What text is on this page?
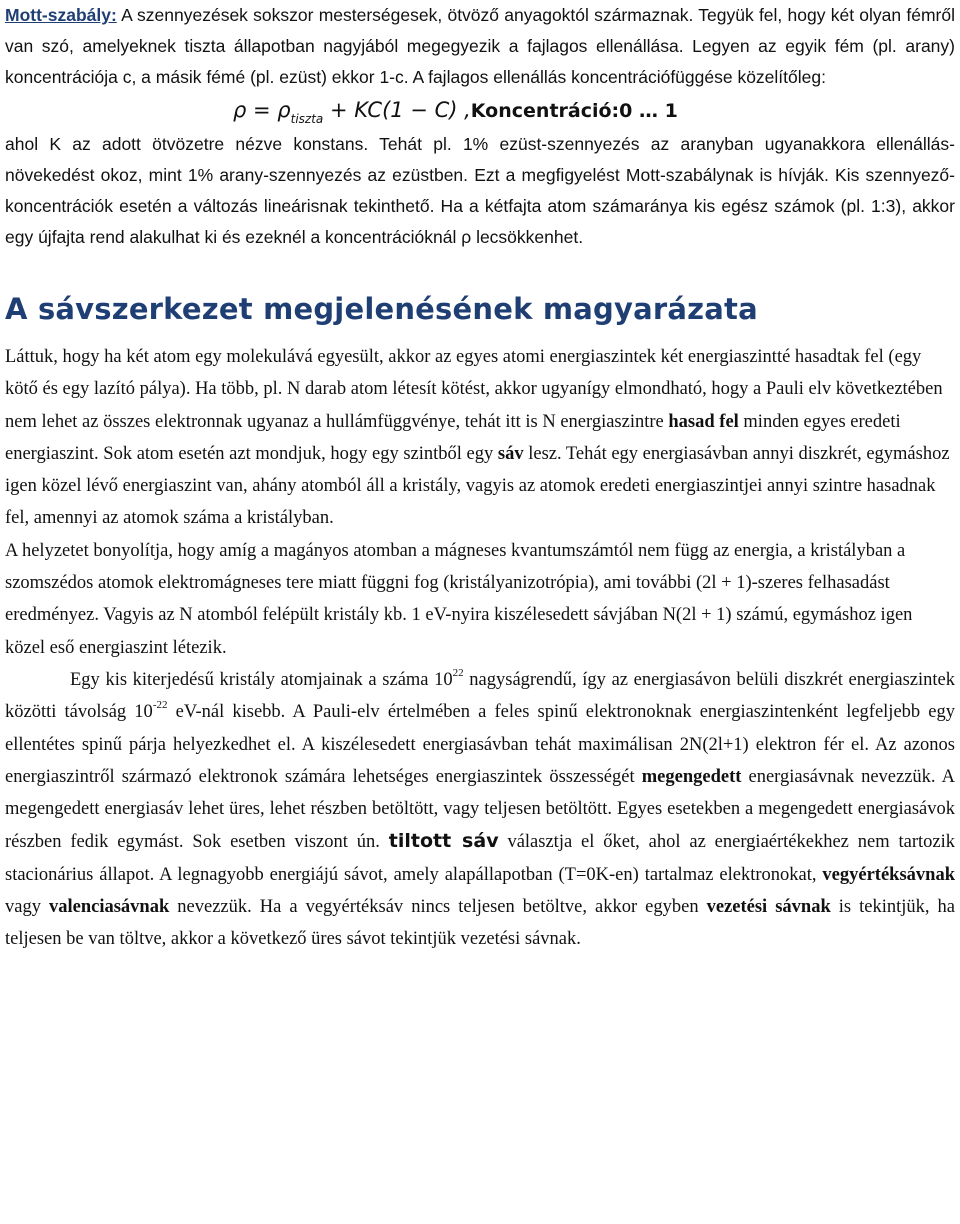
Mott-szabály: A szennyezések sokszor mesterségesek, ötvöző anyagoktól származnak. Tegyük fel, hogy két olyan fémről van szó, amelyeknek tiszta állapotban nagyjából megegyezik a fajlagos ellenállása. Legyen az egyik fém (pl. arany) koncentrációja c, a másik fémé (pl. ezüst) ekkor 1-c. A fajlagos ellenállás koncentrációfüggése közelítőleg:

$\rho = \rho_{tiszta} + KC(1 - C)$ ,Koncentráció:0 … 1

ahol K az adott ötvözetre nézve konstans. Tehát pl. 1% ezüst-szennyezés az aranyban ugyanakkora ellenállás-növekedést okoz, mint 1% arany-szennyezés az ezüstben. Ezt a megfigyelést Mott-szabálynak is hívják. Kis szennyező-koncentrációk esetén a változás lineárisnak tekinthető. Ha a kétfajta atom számaránya kis egész számok (pl. 1:3), akkor egy újfajta rend alakulhat ki és ezeknél a koncentrációknál ρ lecsökkenhet.

A sávszerkezet megjelenésének magyarázata

Láttuk, hogy ha két atom egy molekulává egyesült, akkor az egyes atomi energiaszintek két energiaszintté hasadtak fel (egy kötő és egy lazító pálya). Ha több, pl. N darab atom létesít kötést, akkor ugyanígy elmondható, hogy a Pauli elv következtében nem lehet az összes elektronnak ugyanaz a hullámfüggvénye, tehát itt is N energiaszintre hasad fel minden egyes eredeti energiaszint. Sok atom esetén azt mondjuk, hogy egy szintből egy sáv lesz. Tehát egy energiasávban annyi diszkrét, egymáshoz igen közel lévő energiaszint van, ahány atomból áll a kristály, vagyis az atomok eredeti energiaszintjei annyi szintre hasadnak fel, amennyi az atomok száma a kristályban.

A helyzetet bonyolítja, hogy amíg a magányos atomban a mágneses kvantumszámtól nem függ az energia, a kristályban a szomszédos atomok elektromágneses tere miatt függni fog (kristályanizotrópia), ami további (2l + 1)-szeres felhasadást eredményez. Vagyis az N atomból felépült kristály kb. 1 eV-nyira kiszélesedett sávjában N(2l + 1) számú, egymáshoz igen közel eső energiaszint létezik.

Egy kis kiterjedésű kristály atomjainak a száma $10^{22}$ nagyságrendű, így az energiasávon belüli diszkrét energiaszintek közötti távolság $10^{-22}$ eV-nál kisebb. A Pauli-elv értelmében a feles spinű elektronoknak energiaszintenként legfeljebb egy ellentétes spinű párja helyezkedhet el. A kiszélesedett energiasávban tehát maximálisan 2N(2l+1) elektron fér el. Az azonos energiaszintről származó elektronok számára lehetséges energiaszintek összességét megengedett energiasávnak nevezzük. A megengedett energiasáv lehet üres, lehet részben betöltött, vagy teljesen betöltött. Egyes esetekben a megengedett energiasávok részben fedik egymást. Sok esetben viszont ún. tiltott sáv választja el őket, ahol az energiaértékekhez nem tartozik stacionárius állapot. A legnagyobb energiájú sávot, amely alapállapotban (T=0K-en) tartalmaz elektronokat, vegyértéksávnak vagy valenciasávnak nevezzük. Ha a vegyértéksáv nincs teljesen betöltve, akkor egyben vezetési sávnak is tekintjük, ha teljesen be van töltve, akkor a következő üres sávot tekintjük vezetési sávnak.
